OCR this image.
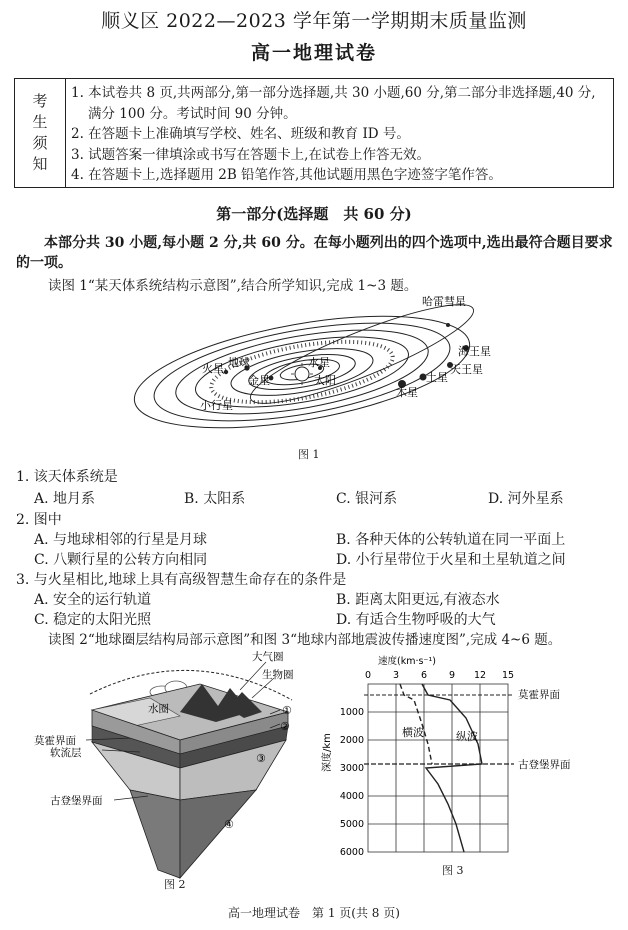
顺义区 2022—2023 学年第一学期期末质量监测
高一地理试卷
考
生
须
知
1. 本试卷共 8 页,共两部分,第一部分选择题,共 30 小题,60 分,第二部分非选择题,40 分,满分 100 分。考试时间 90 分钟。
2. 在答题卡上准确填写学校、姓名、班级和教育 ID 号。
3. 试题答案一律填涂或书写在答题卡上,在试卷上作答无效。
4. 在答题卡上,选择题用 2B 铅笔作答,其他试题用黑色字迹签字笔作答。
第一部分(选择题　共 60 分)
本部分共 30 小题,每小题 2 分,共 60 分。在每小题列出的四个选项中,选出最符合题目要求的一项。
读图 1“某天体系统结构示意图”,结合所学知识,完成 1~3 题。
哈雷彗星
海王星
天王星
土星
木星
火星 地球
金星
水星
太阳
小行星
图 1
1. 该天体系统是
A. 地月系	B. 太阳系	C. 银河系	D. 河外星系
2. 图中
A. 与地球相邻的行星是月球	B. 各种天体的公转轨道在同一平面上
C. 八颗行星的公转方向相同	D. 小行星带位于火星和土星轨道之间
3. 与火星相比,地球上具有高级智慧生命存在的条件是
A. 安全的运行轨道	B. 距离太阳更远,有液态水
C. 稳定的太阳光照	D. 有适合生物呼吸的大气
读图 2“地球圈层结构局部示意图”和图 3“地球内部地震波传播速度图”,完成 4~6 题。
大气圈
生物圈
水圈	①
②
③
④
莫霍界面
软流层
古登堡界面
图 2
速度(km·s⁻¹)
0 3 6 9 12 15
横波	纵波
1000
2000
3000
4000
5000
6000
深度/km
莫霍界面
古登堡界面
图 3
高一地理试卷　第 1 页(共 8 页)
